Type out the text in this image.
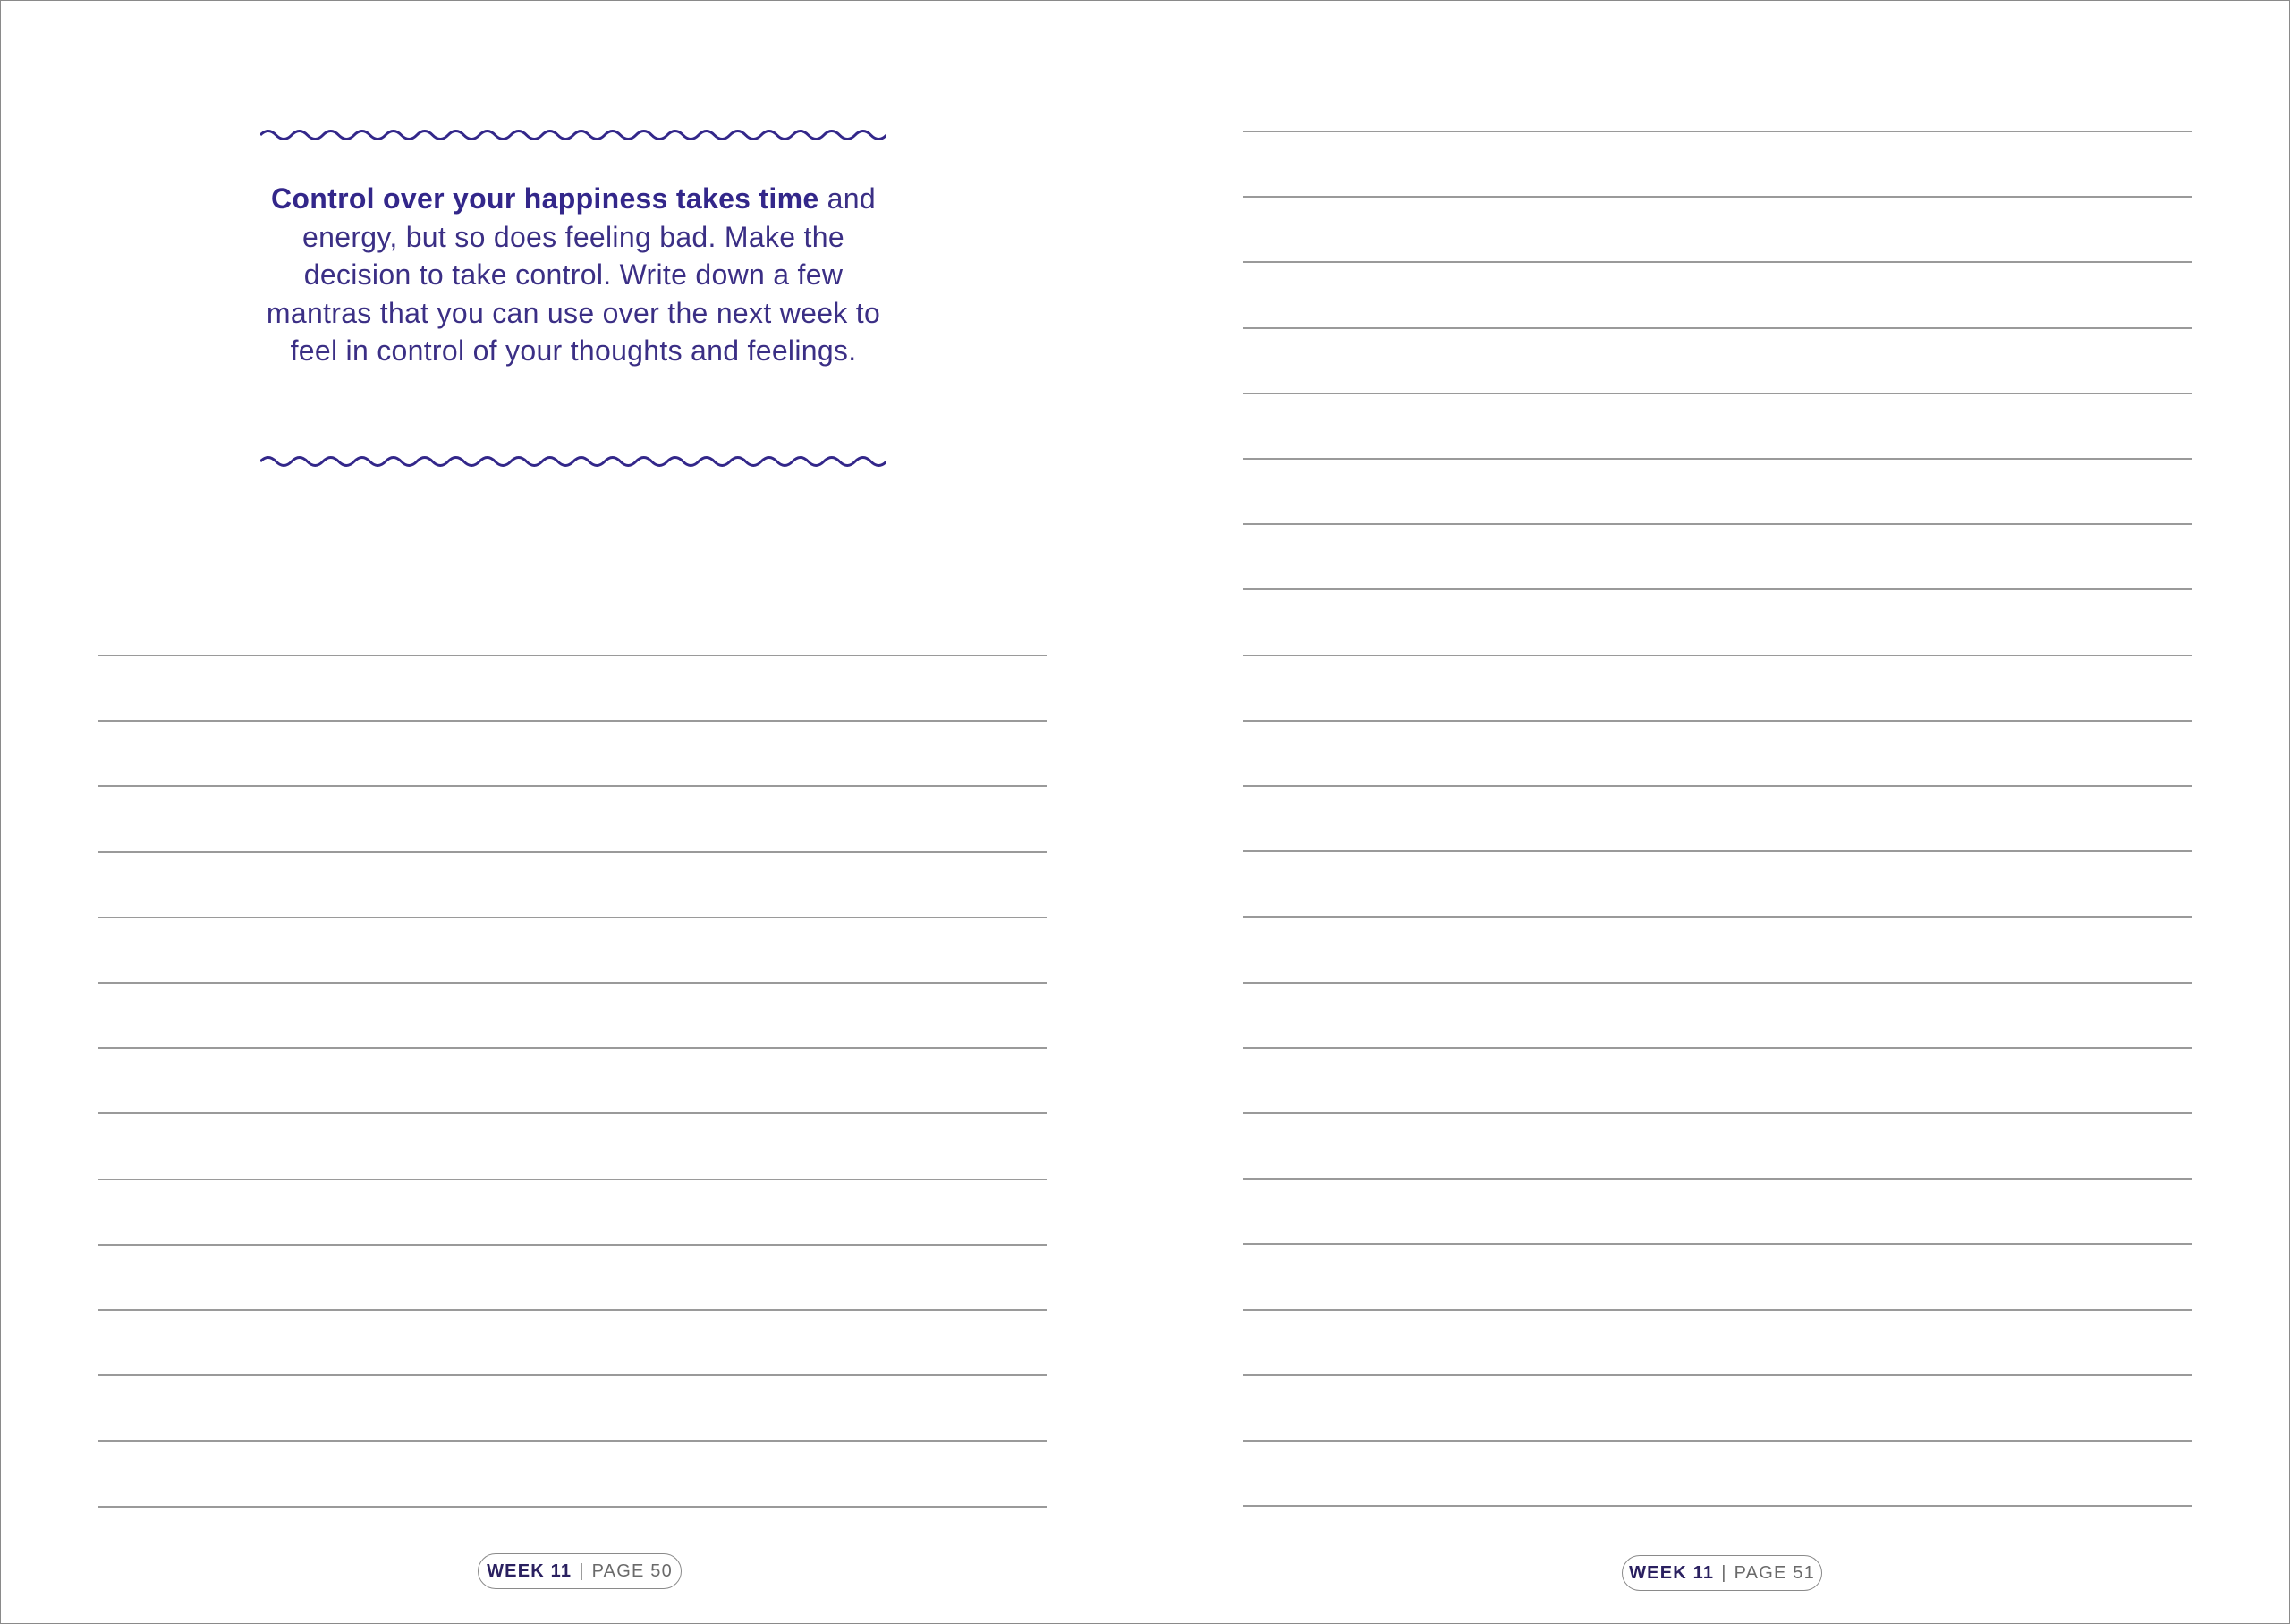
Control over your happiness takes time and energy, but so does feeling bad. Make the decision to take control. Write down a few mantras that you can use over the next week to feel in control of your thoughts and feelings.
WEEK 11 | PAGE 50	WEEK 11 | PAGE 51
